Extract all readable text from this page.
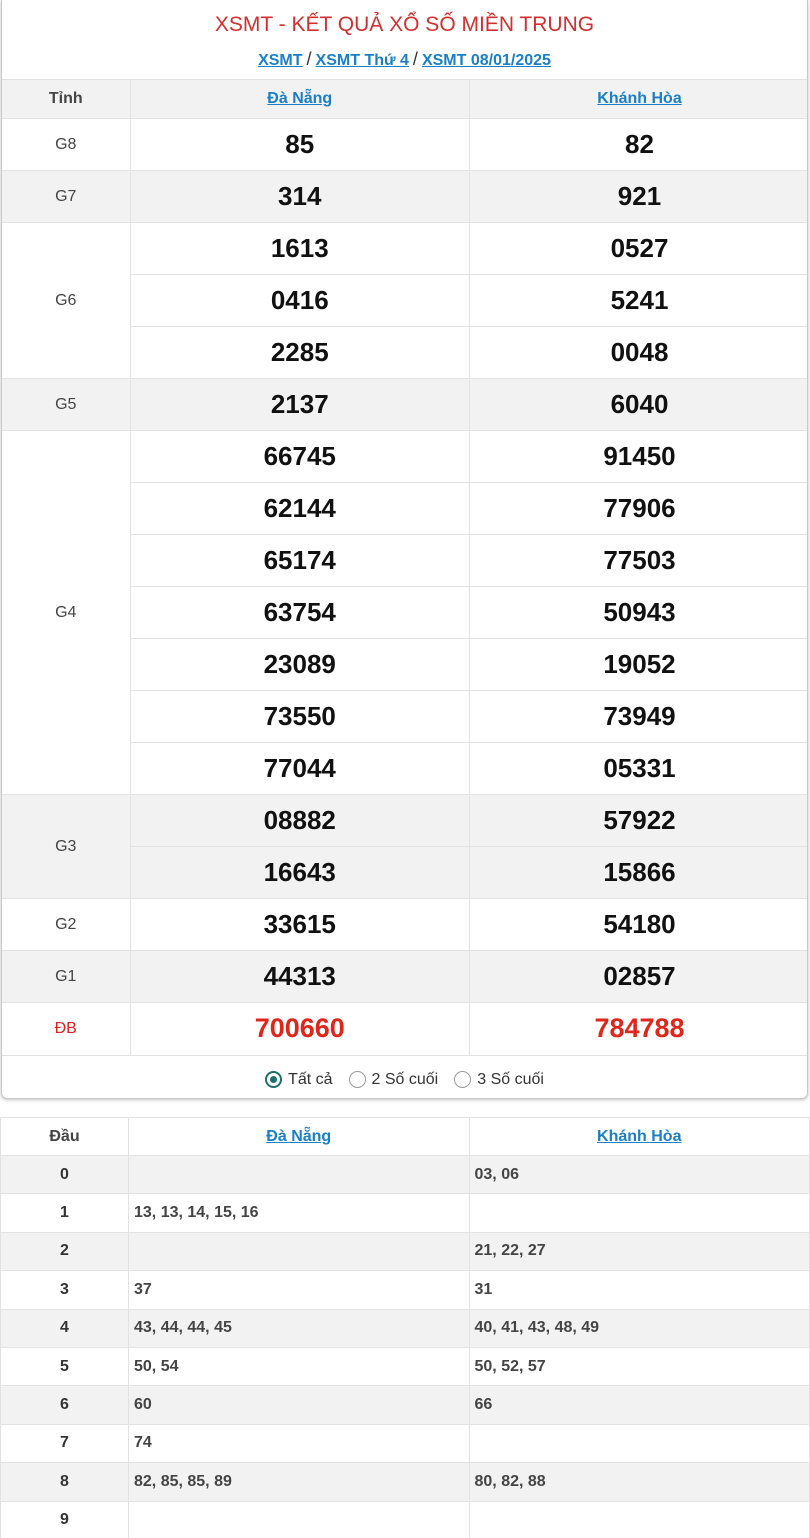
XSMT - KẾT QUẢ XỔ SỐ MIỀN TRUNG
XSMT / XSMT Thứ 4 / XSMT 08/01/2025
Tỉnh	Đà Nẵng	Khánh Hòa
G8	85	82
G7	314	921
G6	1613	0527
	0416	5241
	2285	0048
G5	2137	6040
G4	66745	91450
	62144	77906
	65174	77503
	63754	50943
	23089	19052
	73550	73949
	77044	05331
G3	08882	57922
	16643	15866
G2	33615	54180
G1	44313	02857
ĐB	700660	784788
Tất cả 2 Số cuối 3 Số cuối
Đầu	Đà Nẵng	Khánh Hòa
0		03, 06
1	13, 13, 14, 15, 16	
2		21, 22, 27
3	37	31
4	43, 44, 44, 45	40, 41, 43, 48, 49
5	50, 54	50, 52, 57
6	60	66
7	74	
8	82, 85, 85, 89	80, 82, 88
9		
